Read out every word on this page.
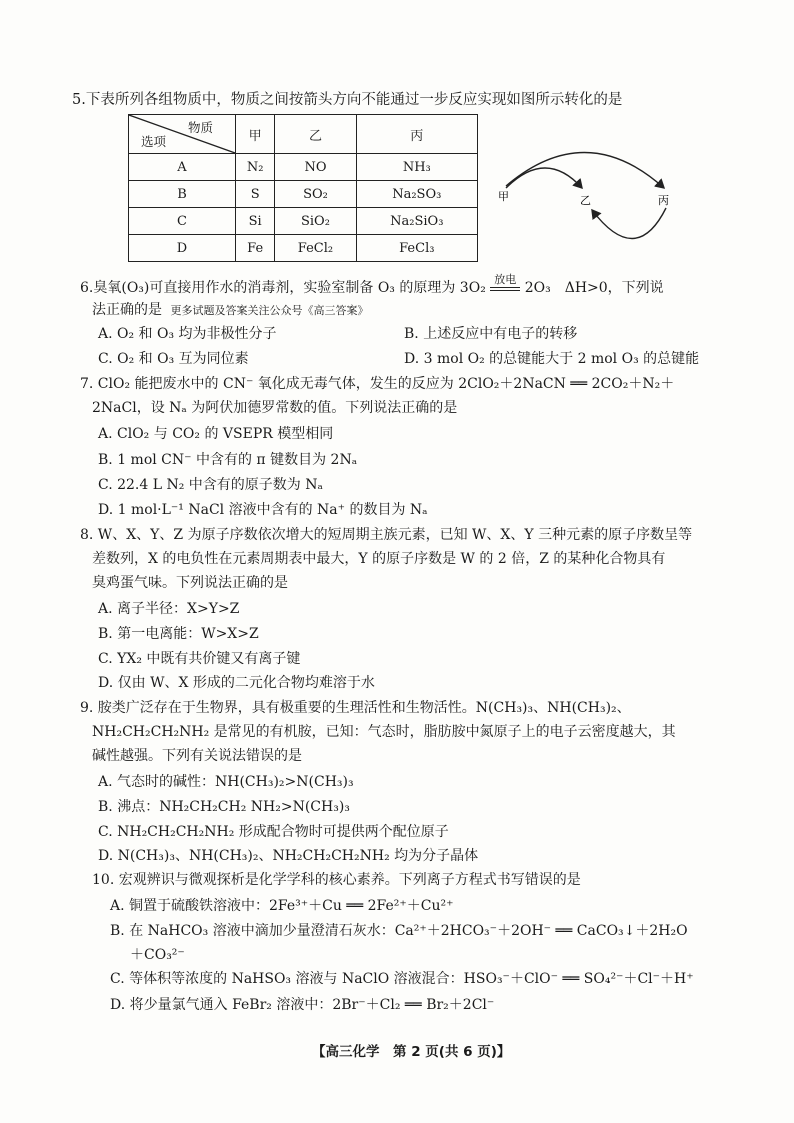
5.下表所列各组物质中，物质之间按箭头方向不能通过一步反应实现如图所示转化的是
物质
选项	甲	乙	丙
A	N₂	NO	NH₃
B	S	SO₂	Na₂SO₃
C	Si	SiO₂	Na₂SiO₃
D	Fe	FeCl₂	FeCl₃
甲	乙	丙
6.臭氧(O₃)可直接用作水的消毒剂，实验室制备 O₃ 的原理为 3O₂
放电
2O₃　ΔH>0，下列说
法正确的是 更多试题及答案关注公众号《高三答案》
A. O₂ 和 O₃ 均为非极性分子	B. 上述反应中有电子的转移
C. O₂ 和 O₃ 互为同位素	D. 3 mol O₂ 的总键能大于 2 mol O₃ 的总键能
7. ClO₂ 能把废水中的 CN⁻ 氧化成无毒气体，发生的反应为 2ClO₂＋2NaCN ══ 2CO₂＋N₂＋
2NaCl，设 Nₐ 为阿伏加德罗常数的值。下列说法正确的是
A. ClO₂ 与 CO₂ 的 VSEPR 模型相同
B. 1 mol CN⁻ 中含有的 π 键数目为 2Nₐ
C. 22.4 L N₂ 中含有的原子数为 Nₐ
D. 1 mol·L⁻¹ NaCl 溶液中含有的 Na⁺ 的数目为 Nₐ
8. W、X、Y、Z 为原子序数依次增大的短周期主族元素，已知 W、X、Y 三种元素的原子序数呈等
差数列，X 的电负性在元素周期表中最大，Y 的原子序数是 W 的 2 倍，Z 的某种化合物具有
臭鸡蛋气味。下列说法正确的是
A. 离子半径：X>Y>Z
B. 第一电离能：W>X>Z
C. YX₂ 中既有共价键又有离子键
D. 仅由 W、X 形成的二元化合物均难溶于水
9. 胺类广泛存在于生物界，具有极重要的生理活性和生物活性。N(CH₃)₃、NH(CH₃)₂、
NH₂CH₂CH₂NH₂ 是常见的有机胺，已知：气态时，脂肪胺中氮原子上的电子云密度越大，其
碱性越强。下列有关说法错误的是
A. 气态时的碱性：NH(CH₃)₂>N(CH₃)₃
B. 沸点：NH₂CH₂CH₂ NH₂>N(CH₃)₃
C. NH₂CH₂CH₂NH₂ 形成配合物时可提供两个配位原子
D. N(CH₃)₃、NH(CH₃)₂、NH₂CH₂CH₂NH₂ 均为分子晶体
10. 宏观辨识与微观探析是化学学科的核心素养。下列离子方程式书写错误的是
A. 铜置于硫酸铁溶液中：2Fe³⁺＋Cu ══ 2Fe²⁺＋Cu²⁺
B. 在 NaHCO₃ 溶液中滴加少量澄清石灰水：Ca²⁺＋2HCO₃⁻＋2OH⁻ ══ CaCO₃↓＋2H₂O
＋CO₃²⁻
C. 等体积等浓度的 NaHSO₃ 溶液与 NaClO 溶液混合：HSO₃⁻＋ClO⁻ ══ SO₄²⁻＋Cl⁻＋H⁺
D. 将少量氯气通入 FeBr₂ 溶液中：2Br⁻＋Cl₂ ══ Br₂＋2Cl⁻
【高三化学　第 2 页(共 6 页)】
